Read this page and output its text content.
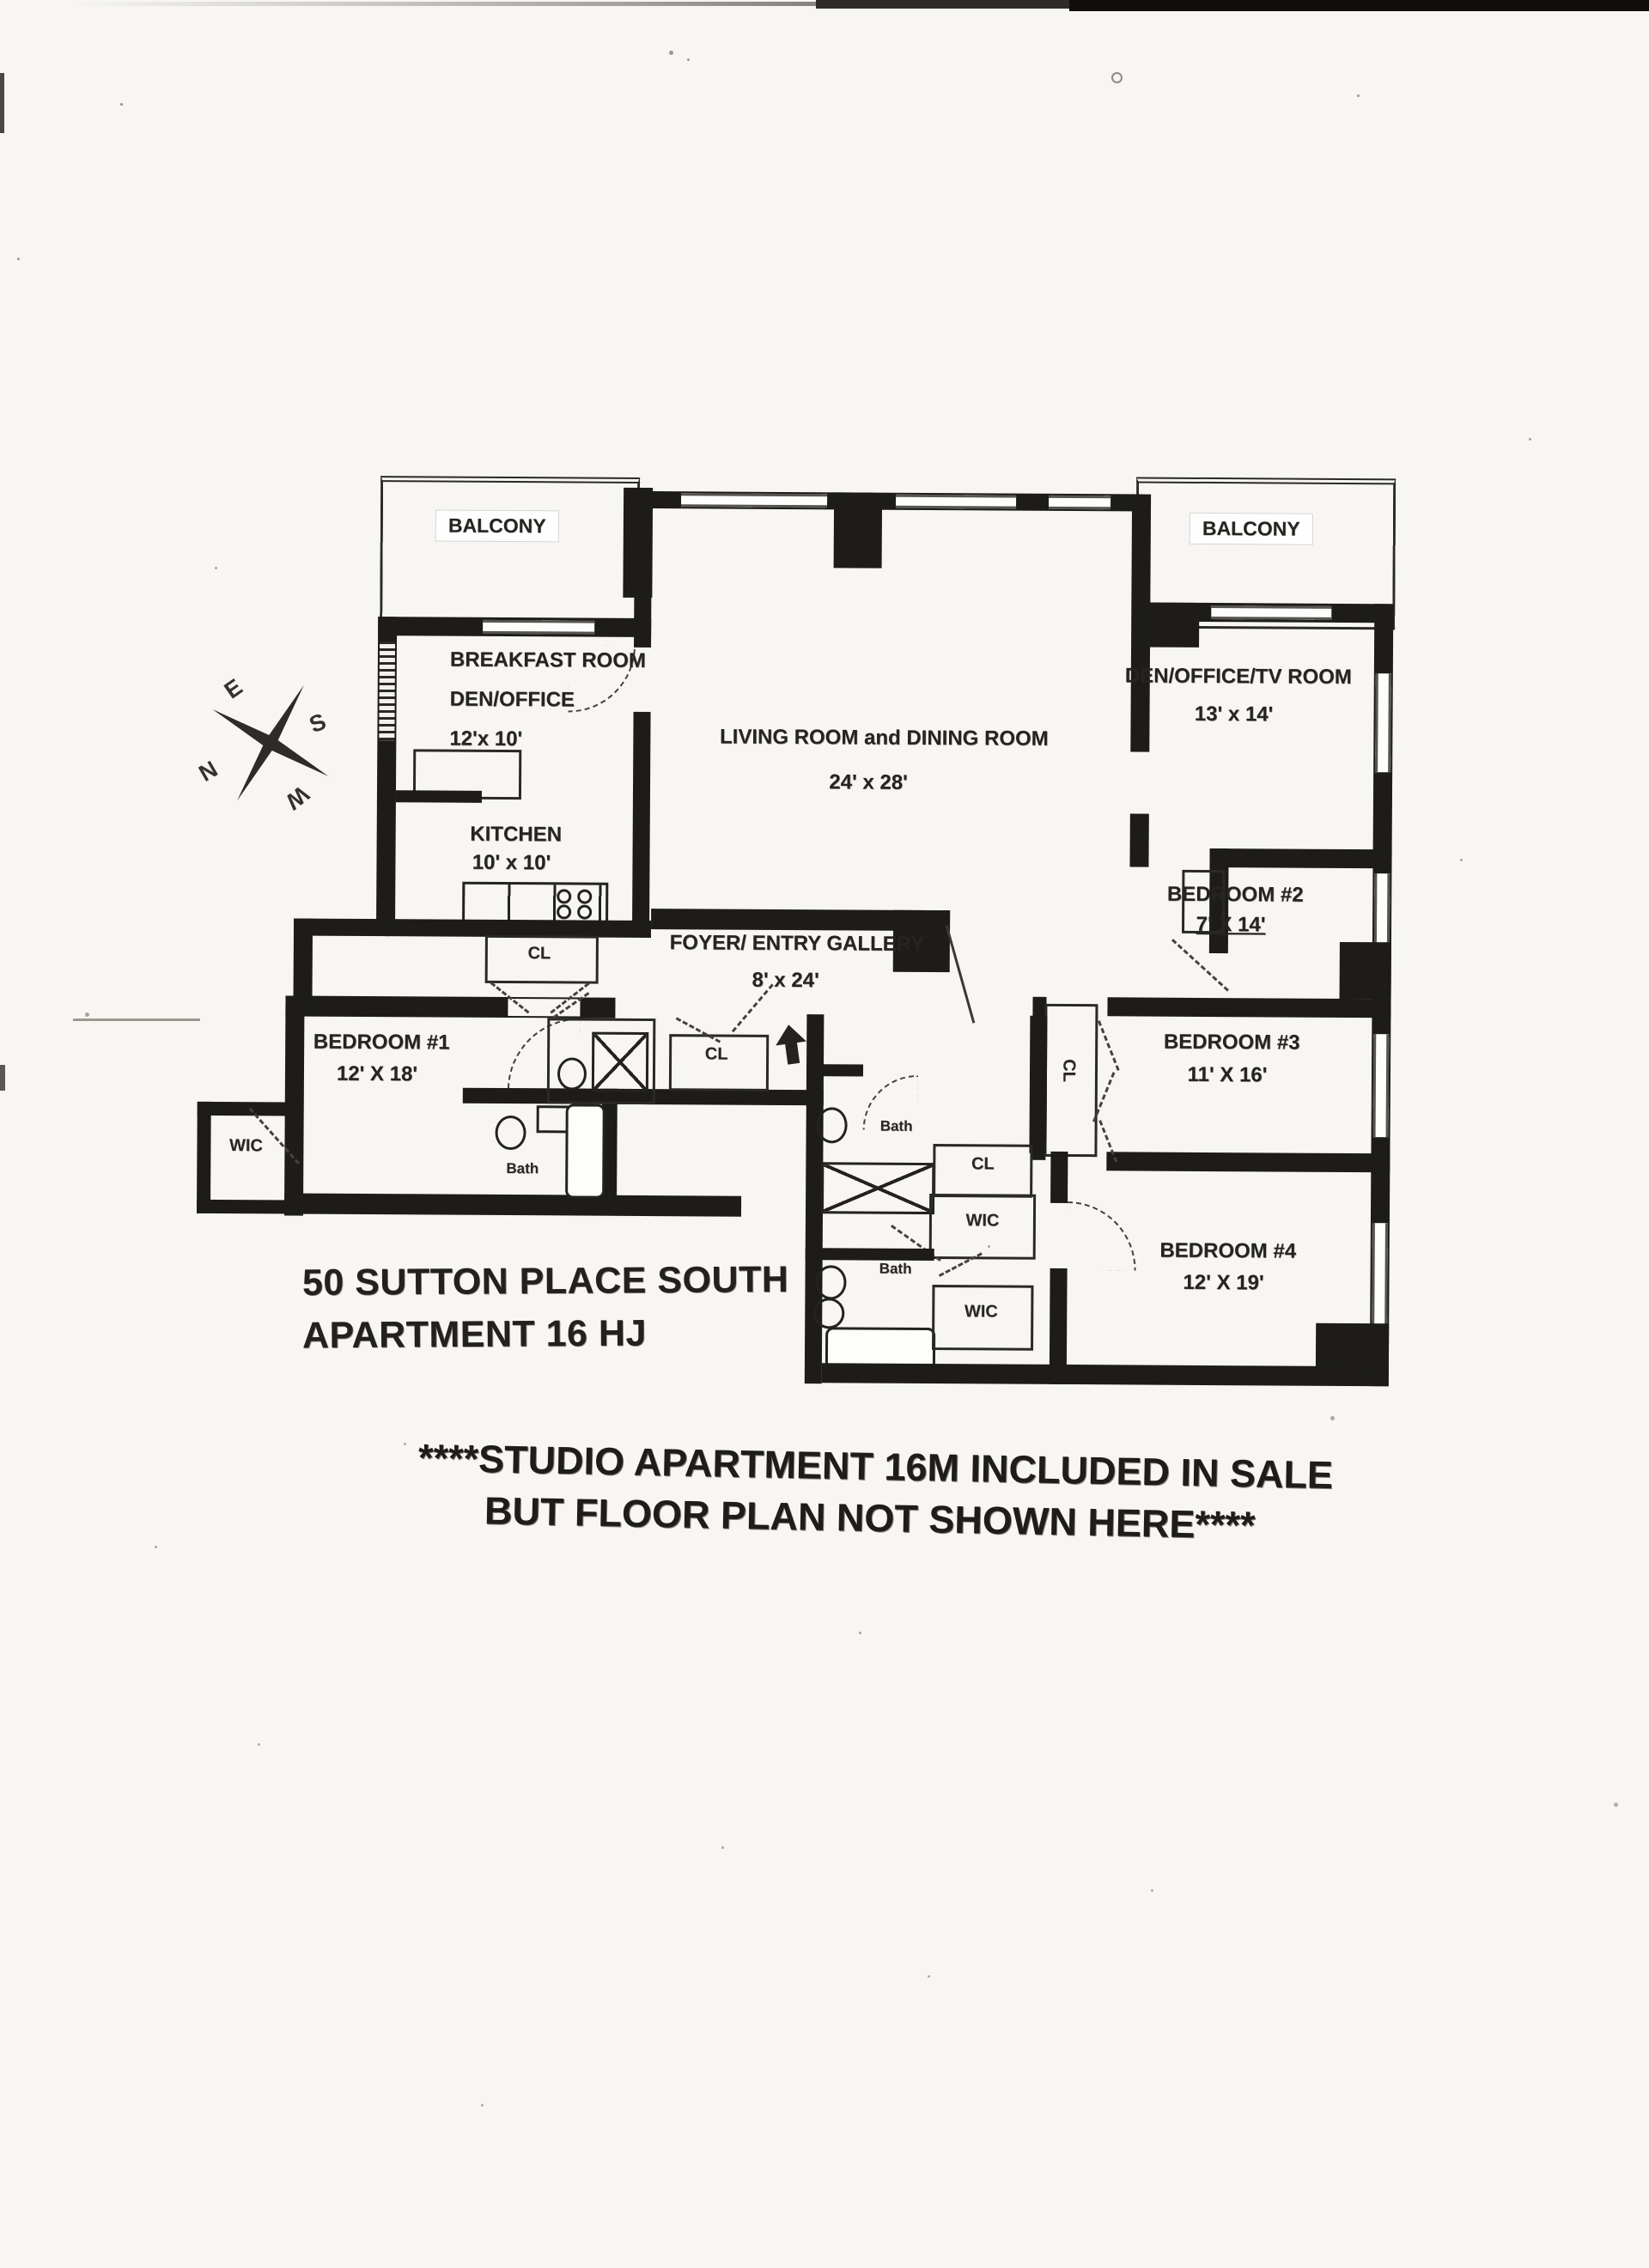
E
S
N
W
BALCONY	BALCONY
CL
Bath
CL
CL
Bath
CL
WIC
Bath
WIC
BREAKFAST ROOM
DEN/OFFICE
12'x 10'	LIVING ROOM and DINING ROOM
24' x 28'
DEN/OFFICE/TV ROOM
13' x 14'
KITCHEN
10' x 10'
BEDROOM #2
7' X 14'
FOYER/ ENTRY GALLERY
8' x 24'
BEDROOM #1
12' X 18'
BEDROOM #3
11' X 16'
BEDROOM #4
12' X 19'
WIC
50 SUTTON PLACE SOUTH
APARTMENT 16 HJ
****STUDIO APARTMENT 16M INCLUDED IN SALE
BUT FLOOR PLAN NOT SHOWN HERE****
